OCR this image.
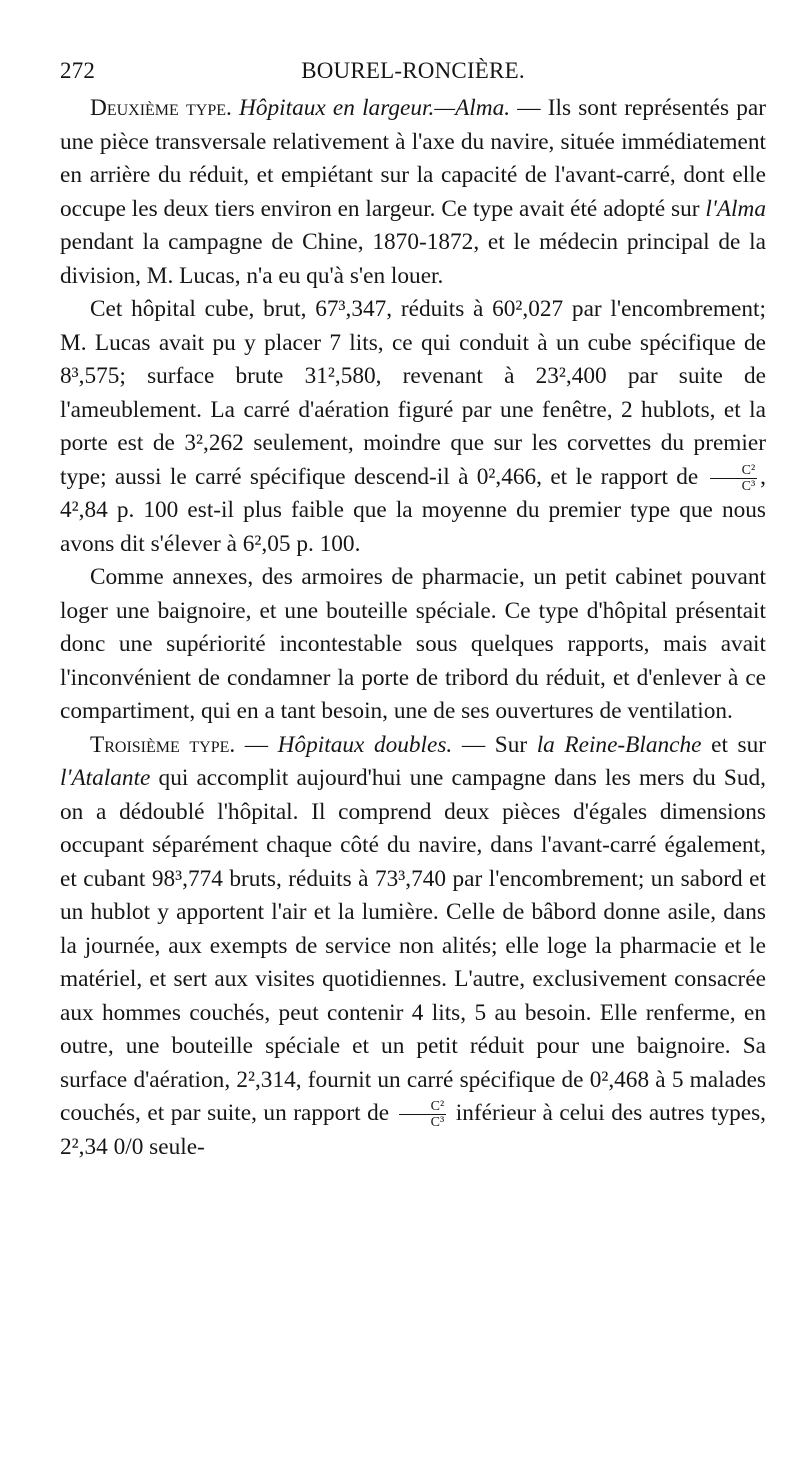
272	BOUREL-RONCIÈRE.

Deuxième type. Hôpitaux en largeur.—Alma. — Ils sont représentés par une pièce transversale relativement à l'axe du navire, située immédiatement en arrière du réduit, et empiétant sur la capacité de l'avant-carré, dont elle occupe les deux tiers environ en largeur. Ce type avait été adopté sur l'Alma pendant la campagne de Chine, 1870-1872, et le médecin principal de la division, M. Lucas, n'a eu qu'à s'en louer.

Cet hôpital cube, brut, 67³,347, réduits à 60²,027 par l'encombrement; M. Lucas avait pu y placer 7 lits, ce qui conduit à un cube spécifique de 8³,575; surface brute 31²,580, revenant à 23²,400 par suite de l'ameublement. La carré d'aération figuré par une fenêtre, 2 hublots, et la porte est de 3²,262 seulement, moindre que sur les corvettes du premier type; aussi le carré spécifique descend-il à 0²,466, et le rapport de $\frac{\text{C²}}{\text{C³}}$ , 4²,84 p. 100 est-il plus faible que la moyenne du premier type que nous avons dit s'élever à 6²,05 p. 100.

Comme annexes, des armoires de pharmacie, un petit cabinet pouvant loger une baignoire, et une bouteille spéciale. Ce type d'hôpital présentait donc une supériorité incontestable sous quelques rapports, mais avait l'inconvénient de condamner la porte de tribord du réduit, et d'enlever à ce compartiment, qui en a tant besoin, une de ses ouvertures de ventilation.

Troisième type. — Hôpitaux doubles. — Sur la Reine-Blanche et sur l'Atalante qui accomplit aujourd'hui une campagne dans les mers du Sud, on a dédoublé l'hôpital. Il comprend deux pièces d'égales dimensions occupant séparément chaque côté du navire, dans l'avant-carré également, et cubant 98³,774 bruts, réduits à 73³,740 par l'encombrement; un sabord et un hublot y apportent l'air et la lumière. Celle de bâbord donne asile, dans la journée, aux exempts de service non alités; elle loge la pharmacie et le matériel, et sert aux visites quotidiennes. L'autre, exclusivement consacrée aux hommes couchés, peut contenir 4 lits, 5 au besoin. Elle renferme, en outre, une bouteille spéciale et un petit réduit pour une baignoire. Sa surface d'aération, 2²,314, fournit un carré spécifique de 0²,468 à 5 malades couchés, et par suite, un rapport de $\frac{\text{C²}}{\text{C³}}$ inférieur à celui des autres types, 2²,34 0/0 seule-
